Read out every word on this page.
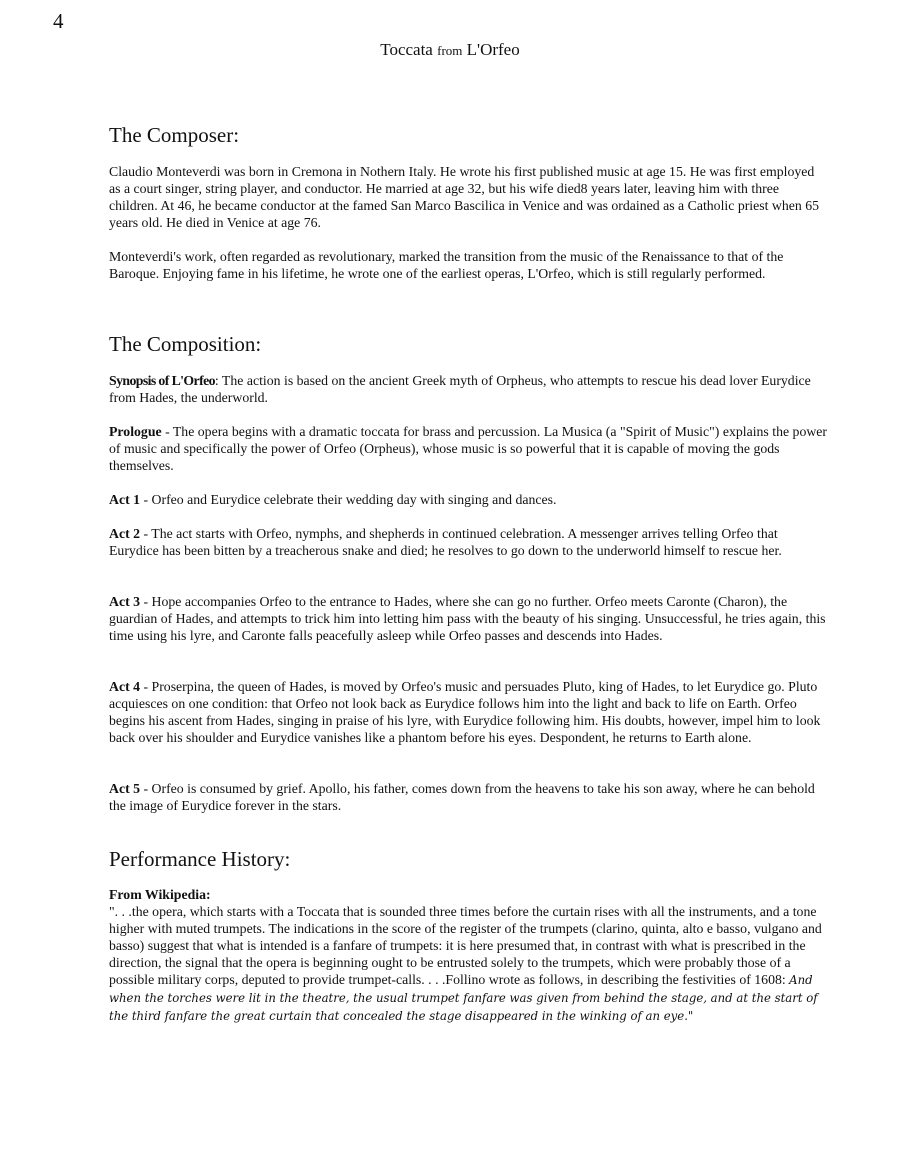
4
Toccata from L'Orfeo
The Composer:

Claudio Monteverdi was born in Cremona in Nothern Italy. He wrote his first published music at age 15. He was first employed as a court singer, string player, and conductor. He married at age 32, but his wife died8 years later, leaving him with three children. At 46, he became conductor at the famed San Marco Bascilica in Venice and was ordained as a Catholic priest when 65 years old. He died in Venice at age 76.

Monteverdi's work, often regarded as revolutionary, marked the transition from the music of the Renaissance to that of the Baroque. Enjoying fame in his lifetime, he wrote one of the earliest operas, L'Orfeo, which is still regularly performed.

The Composition:

Synopsis of L'Orfeo: The action is based on the ancient Greek myth of Orpheus, who attempts to rescue his dead lover Eurydice from Hades, the underworld.

Prologue - The opera begins with a dramatic toccata for brass and percussion. La Musica (a "Spirit of Music") explains the power of music and specifically the power of Orfeo (Orpheus), whose music is so powerful that it is capable of moving the gods themselves.

Act 1 - Orfeo and Eurydice celebrate their wedding day with singing and dances.

Act 2 - The act starts with Orfeo, nymphs, and shepherds in continued celebration. A messenger arrives telling Orfeo that Eurydice has been bitten by a treacherous snake and died; he resolves to go down to the underworld himself to rescue her.

Act 3 - Hope accompanies Orfeo to the entrance to Hades, where she can go no further. Orfeo meets Caronte (Charon), the guardian of Hades, and attempts to trick him into letting him pass with the beauty of his singing. Unsuccessful, he tries again, this time using his lyre, and Caronte falls peacefully asleep while Orfeo passes and descends into Hades.

Act 4 - Proserpina, the queen of Hades, is moved by Orfeo's music and persuades Pluto, king of Hades, to let Eurydice go. Pluto acquiesces on one condition: that Orfeo not look back as Eurydice follows him into the light and back to life on Earth. Orfeo begins his ascent from Hades, singing in praise of his lyre, with Eurydice following him. His doubts, however, impel him to look back over his shoulder and Eurydice vanishes like a phantom before his eyes. Despondent, he returns to Earth alone.

Act 5 - Orfeo is consumed by grief. Apollo, his father, comes down from the heavens to take his son away, where he can behold the image of Eurydice forever in the stars.

Performance History:

From Wikipedia:

". . .the opera, which starts with a Toccata that is sounded three times before the curtain rises with all the instruments, and a tone higher with muted trumpets. The indications in the score of the register of the trumpets (clarino, quinta, alto e basso, vulgano and basso) suggest that what is intended is a fanfare of trumpets: it is here presumed that, in contrast with what is prescribed in the direction, the signal that the opera is beginning ought to be entrusted solely to the trumpets, which were probably those of a possible military corps, deputed to provide trumpet-calls. . . .Follino wrote as follows, in describing the festivities of 1608: And when the torches were lit in the theatre, the usual trumpet fanfare was given from behind the stage, and at the start of the third fanfare the great curtain that concealed the stage disappeared in the winking of an eye."
